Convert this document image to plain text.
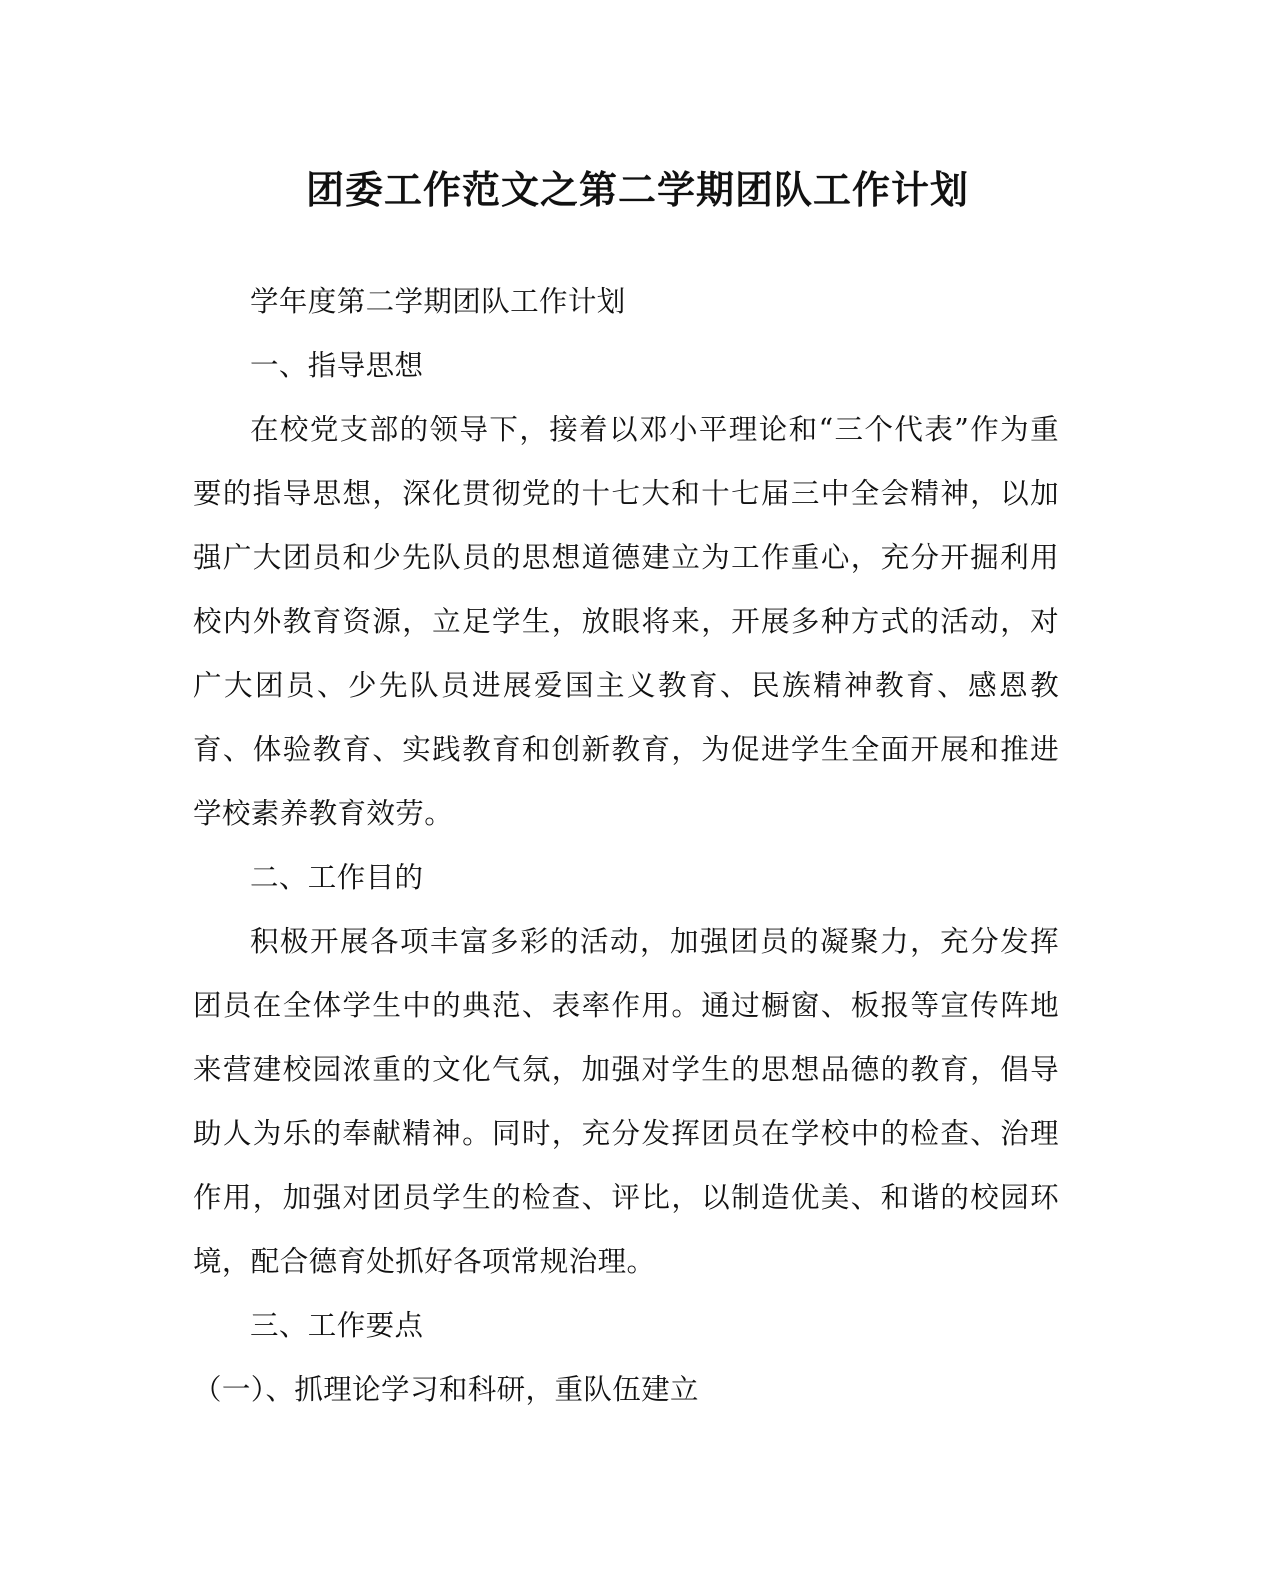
团委工作范文之第二学期团队工作计划

学年度第二学期团队工作计划

一、指导思想

在校党支部的领导下，接着以邓小平理论和“三个代表”作为重要的指导思想，深化贯彻党的十七大和十七届三中全会精神，以加强广大团员和少先队员的思想道德建立为工作重心，充分开掘利用校内外教育资源，立足学生，放眼将来，开展多种方式的活动，对广大团员、少先队员进展爱国主义教育、民族精神教育、感恩教育、体验教育、实践教育和创新教育，为促进学生全面开展和推进学校素养教育效劳。

二、工作目的

积极开展各项丰富多彩的活动，加强团员的凝聚力，充分发挥团员在全体学生中的典范、表率作用。通过橱窗、板报等宣传阵地来营建校园浓重的文化气氛，加强对学生的思想品德的教育，倡导助人为乐的奉献精神。同时，充分发挥团员在学校中的检查、治理作用，加强对团员学生的检查、评比，以制造优美、和谐的校园环境，配合德育处抓好各项常规治理。

三、工作要点

（一）、抓理论学习和科研，重队伍建立
